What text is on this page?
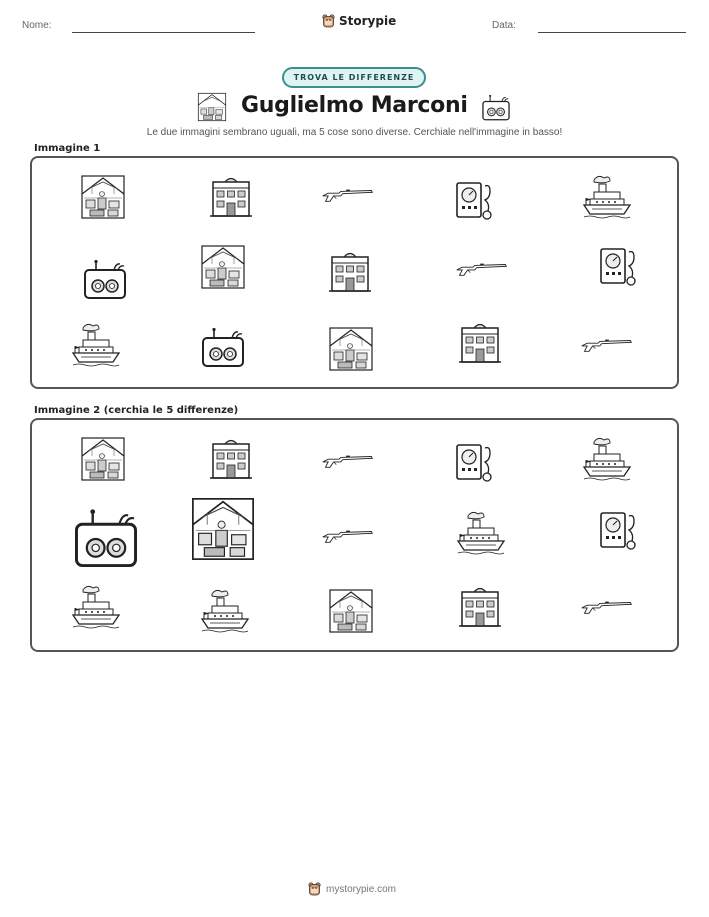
Nome:	Storypie	Data:
TROVA LE DIFFERENZE
Guglielmo Marconi
Le due immagini sembrano uguali, ma 5 cose sono diverse. Cerchiale nell'immagine in basso!
Immagine 1
Immagine 2 (cerchia le 5 differenze)
mystorypie.com
